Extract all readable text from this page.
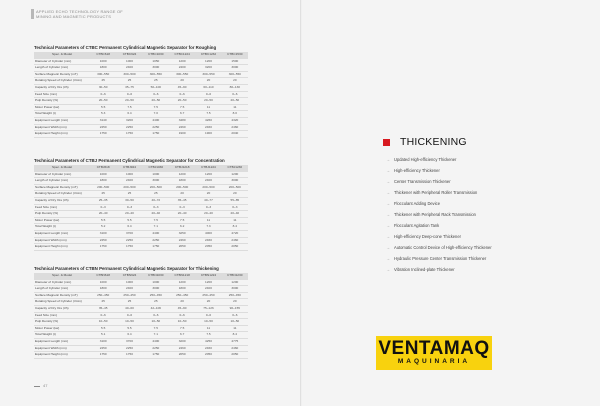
APPLIED ECHO TECHNOLOGY RANGE OF
MINING AND MAGNETIC PRODUCTS
Technical Parameters of CTBC Permanent Cylindrical Magnetic Separator for Roughing
Spec. & Model	CTBC618	CTBC924	CTBC1030	CTBC1224	CTBC1232	CTBC1530
Diameter of Cylinder (mm)	1000	1000	1050	1200	1200	1500
Length of Cylinder (mm)	1800	2400	3000	2400	3200	3000
Surface Magnetic Density (mT)	300~550	300~500	300~550	300~550	300~550	300~550
Rotating Speed of Cylinder (r/min)	25	25	25	20	20	20
Capacity of Dry Ore (t/h)	30~50	35~75	50~100	45~90	60~110	80~130
Feed Size (mm)	0~6	0~6	0~6	0~6	0~6	0~6
Pulp Density (%)	20~50	20~50	20~50	20~50	20~50	20~50
Motor Power (kw)	5.5	7.5	7.5	7.5	11	11
Total Weight (t)	5.3	6.4	7.0	6.7	7.5	8.0
Equipment Length (mm)	3140	3200	4400	3480	4260	4320
Equipment Width (mm)	2250	2250	2250	2460	2460	2460
Equipment Height (mm)	1750	1750	1750	1900	1900	2040
Technical Parameters of CTBJ Permanent Cylindrical Magnetic Separator for Concentration
Spec. & Model	CTBJ618	CTBJ924	CTBJ1030	CTBJ1218	CTBJ1224	CTBJ1230
Diameter of Cylinder (mm)	1000	1000	1000	1200	1200	1200
Length of Cylinder (mm)	1800	2400	3000	1800	2400	3000
Surface Magnetic Density (mT)	200~500	200~500	200~500	200~500	200~500	200~500
Rotating Speed of Cylinder (r/min)	25	25	25	20	20	20
Capacity of Dry Ore (t/h)	25~35	30~50	40~72	35~45	40~77	55~85
Feed Size (mm)	0~3	0~3	0~3	0~3	0~3	0~3
Pulp Density (%)	20~40	20~40	20~40	20~40	20~40	20~40
Motor Power (kw)	5.5	5.5	7.5	7.5	11	11
Total Weight (t)	5.2	6.4	7.1	6.2	7.3	8.4
Equipment Length (mm)	3100	3700	4400	3250	4000	4720
Equipment Width (mm)	2250	2250	2250	2460	2460	2460
Equipment Height (mm)	1750	1750	1750	2050	2050	2050
Technical Parameters of CTBN Permanent Cylindrical Magnetic Separator for Thickening
Spec. & Model	CTBN618	CTBN924	CTBN1030	CTBN1218	CTBN1224	CTBN1230
Diameter of Cylinder (mm)	1000	1000	1000	1200	1200	1200
Length of Cylinder (mm)	1800	2400	3000	1800	2400	3000
Surface Magnetic Density (mT)	250~450	250~450	250~450	250~450	250~450	250~450
Rotating Speed of Cylinder (r/min)	25	25	25	20	20	20
Capacity of Dry Ore (t/h)	35~45	40~60	42~106	45~90	75~126	90~155
Feed Size (mm)	0~6	0~6	0~6	0~6	0~6	0~6
Pulp Density (%)	10~50	10~50	10~50	10~50	10~50	10~50
Motor Power (kw)	5.5	5.5	7.5	7.5	11	11
Total Weight (t)	5.1	6.4	7.1	6.7	7.5	8.4
Equipment Length (mm)	3100	3700	4400	3200	4250	4775
Equipment Width (mm)	2250	2250	2250	2460	2460	2460
Equipment Height (mm)	1750	1750	1750	2050	2050	2050
47
THICKENING
→ Updated High-efficiency Thickener
→ High-efficiency Thickener
→ Center Transmission Thickener
→ Thickener with Peripheral Roller Transmission
→ Flocculant Adding Device
→ Thickener with Peripheral Rack Transmission
→ Flocculant Agitation Tank
→ High-efficiency Deep-cone Thickener
→ Automatic Control Device of High-efficiency Thickener
→ Hydraulic Pressure Center Transmission Thickener
→ Vibration Inclined-plate Thickener
VENTAMAQ
MAQUINARIA
